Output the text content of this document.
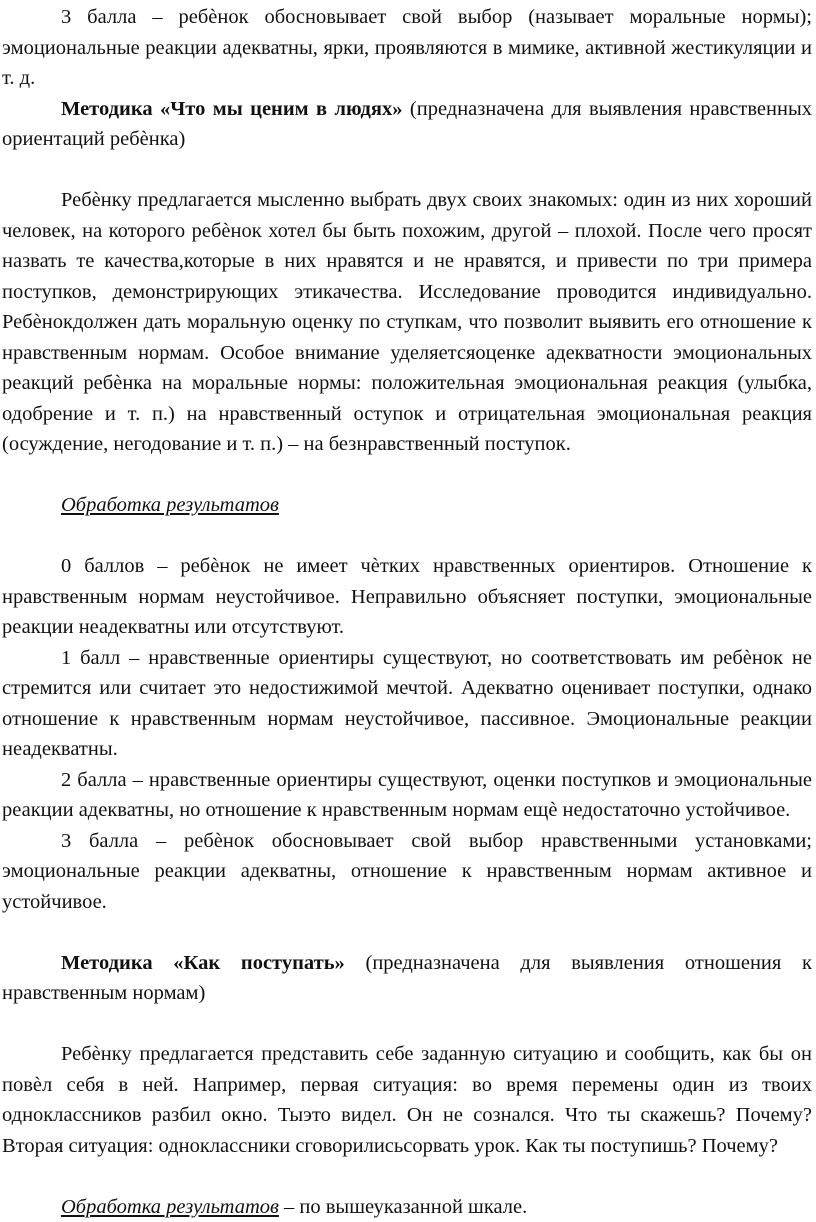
3 балла – ребѐнок обосновывает свой выбор (называет моральные нормы); эмоциональные реакции адекватны, ярки, проявляются в мимике, активной жестикуляции и т. д.

Методика «Что мы ценим в людях» (предназначена для выявления нравственных ориентаций ребѐнка)

Ребѐнку предлагается мысленно выбрать двух своих знакомых: один из них хороший человек, на которого ребѐнок хотел бы быть похожим, другой – плохой. После чего просят назвать те качества,которые в них нравятся и не нравятся, и привести по три примера поступков, демонстрирующих этикачества. Исследование проводится индивидуально. Ребѐнокдолжен дать моральную оценку по ступкам, что позволит выявить его отношение к нравственным нормам. Особое внимание уделяетсяоценке адекватности эмоциональных реакций ребѐнка на моральные нормы: положительная эмоциональная реакция (улыбка, одобрение и т. п.) на нравственный оступок и отрицательная эмоциональная реакция (осуждение, негодование и т. п.) – на безнравственный поступок.

Обработка результатов

0 баллов – ребѐнок не имеет чѐтких нравственных ориентиров. Отношение к нравственным нормам неустойчивое. Неправильно объясняет поступки, эмоциональные реакции неадекватны или отсутствуют.

1 балл – нравственные ориентиры существуют, но соответствовать им ребѐнок не стремится или считает это недостижимой мечтой. Адекватно оценивает поступки, однако отношение к нравственным нормам неустойчивое, пассивное. Эмоциональные реакции неадекватны.

2 балла – нравственные ориентиры существуют, оценки поступков и эмоциональные реакции адекватны, но отношение к нравственным нормам ещѐ недостаточно устойчивое.

3 балла – ребѐнок обосновывает свой выбор нравственными установками; эмоциональные реакции адекватны, отношение к нравственным нормам активное и устойчивое.

Методика «Как поступать» (предназначена для выявления отношения к нравственным нормам)

Ребѐнку предлагается представить себе заданную ситуацию и сообщить, как бы он повѐл себя в ней. Например, первая ситуация: во время перемены один из твоих одноклассников разбил окно. Тыэто видел. Он не сознался. Что ты скажешь? Почему? Вторая ситуация: одноклассники сговорилисьсорвать урок. Как ты поступишь? Почему?

Обработка результатов – по вышеуказанной шкале.
